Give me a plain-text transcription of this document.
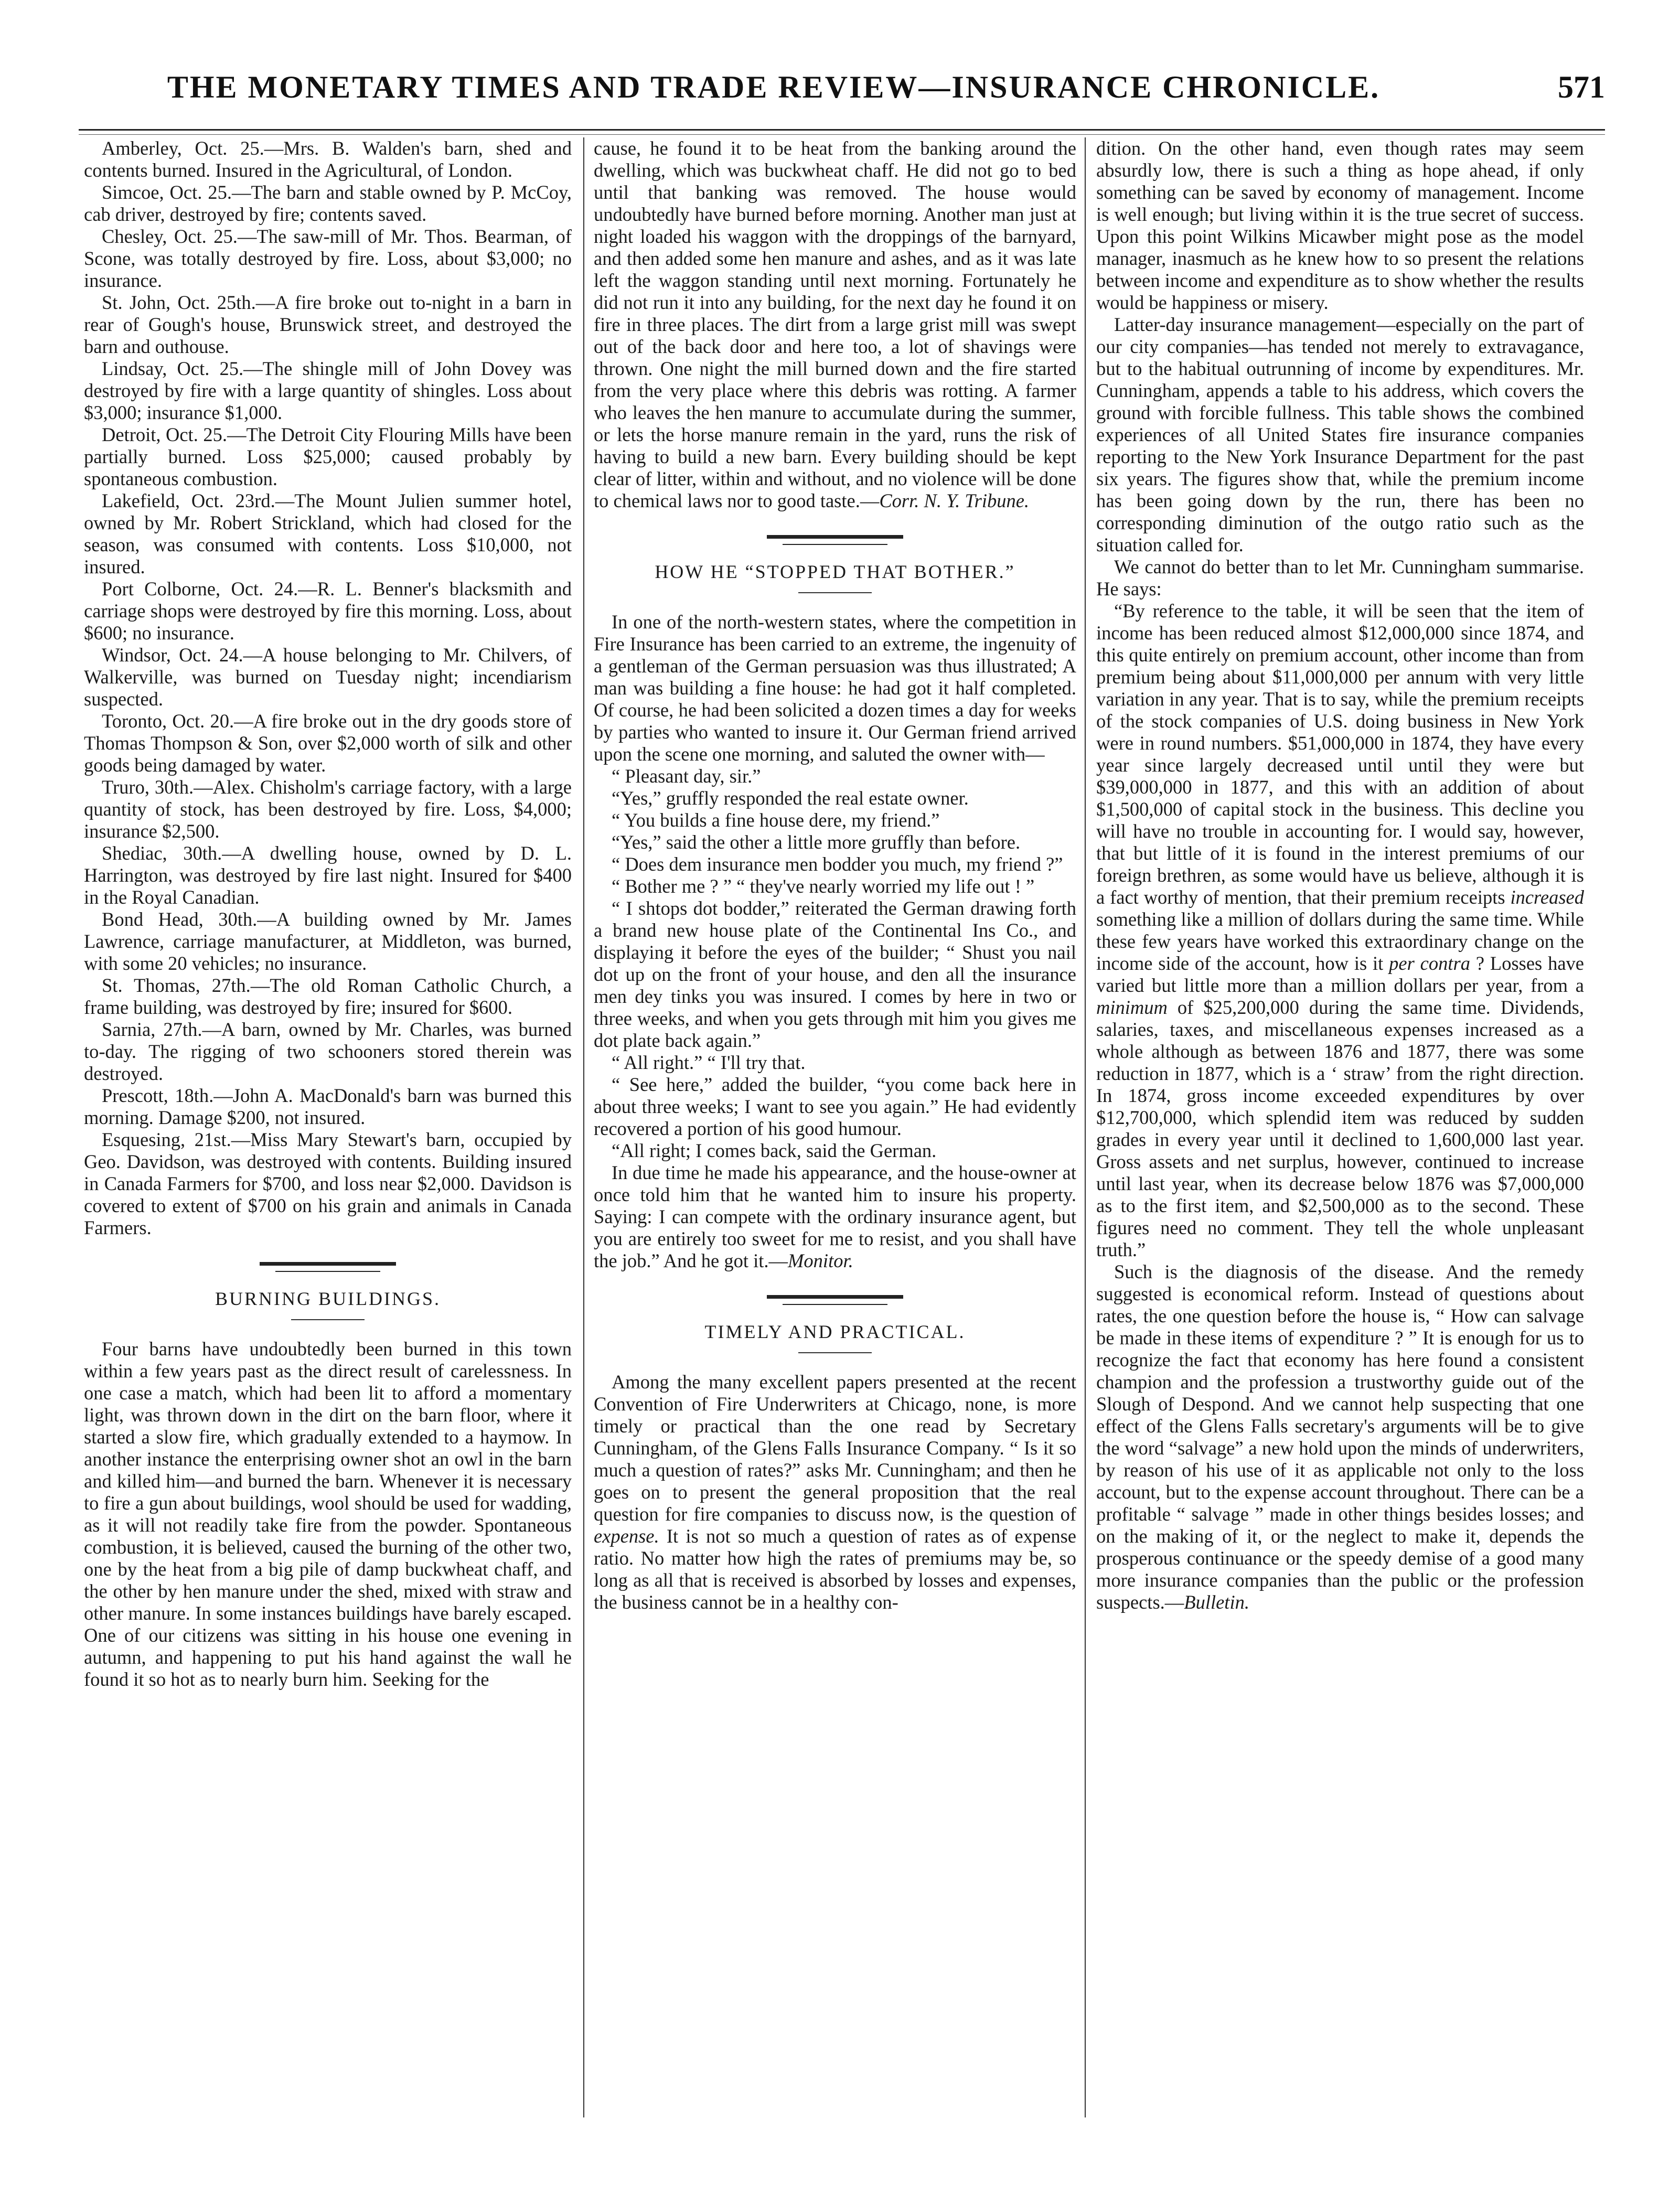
THE MONETARY TIMES AND TRADE REVIEW—INSURANCE CHRONICLE.	571

Amberley, Oct. 25.—Mrs. B. Walden's barn, shed and contents burned. Insured in the Agricultural, of London.

Simcoe, Oct. 25.—The barn and stable owned by P. McCoy, cab driver, destroyed by fire; contents saved.

Chesley, Oct. 25.—The saw-mill of Mr. Thos. Bearman, of Scone, was totally destroyed by fire. Loss, about $3,000; no insurance.

St. John, Oct. 25th.—A fire broke out to-night in a barn in rear of Gough's house, Brunswick street, and destroyed the barn and outhouse.

Lindsay, Oct. 25.—The shingle mill of John Dovey was destroyed by fire with a large quantity of shingles. Loss about $3,000; insurance $1,000.

Detroit, Oct. 25.—The Detroit City Flouring Mills have been partially burned. Loss $25,000; caused probably by spontaneous combustion.

Lakefield, Oct. 23rd.—The Mount Julien summer hotel, owned by Mr. Robert Strickland, which had closed for the season, was consumed with contents. Loss $10,000, not insured.

Port Colborne, Oct. 24.—R. L. Benner's blacksmith and carriage shops were destroyed by fire this morning. Loss, about $600; no insurance.

Windsor, Oct. 24.—A house belonging to Mr. Chilvers, of Walkerville, was burned on Tuesday night; incendiarism suspected.

Toronto, Oct. 20.—A fire broke out in the dry goods store of Thomas Thompson & Son, over $2,000 worth of silk and other goods being damaged by water.

Truro, 30th.—Alex. Chisholm's carriage factory, with a large quantity of stock, has been destroyed by fire. Loss, $4,000; insurance $2,500.

Shediac, 30th.—A dwelling house, owned by D. L. Harrington, was destroyed by fire last night. Insured for $400 in the Royal Canadian.

Bond Head, 30th.—A building owned by Mr. James Lawrence, carriage manufacturer, at Middleton, was burned, with some 20 vehicles; no insurance.

St. Thomas, 27th.—The old Roman Catholic Church, a frame building, was destroyed by fire; insured for $600.

Sarnia, 27th.—A barn, owned by Mr. Charles, was burned to-day. The rigging of two schooners stored therein was destroyed.

Prescott, 18th.—John A. MacDonald's barn was burned this morning. Damage $200, not insured.

Esquesing, 21st.—Miss Mary Stewart's barn, occupied by Geo. Davidson, was destroyed with contents. Building insured in Canada Farmers for $700, and loss near $2,000. Davidson is covered to extent of $700 on his grain and animals in Canada Farmers.

BURNING BUILDINGS.

Four barns have undoubtedly been burned in this town within a few years past as the direct result of carelessness. In one case a match, which had been lit to afford a momentary light, was thrown down in the dirt on the barn floor, where it started a slow fire, which gradually extended to a haymow. In another instance the enterprising owner shot an owl in the barn and killed him—and burned the barn. Whenever it is necessary to fire a gun about buildings, wool should be used for wadding, as it will not readily take fire from the powder. Spontaneous combustion, it is believed, caused the burning of the other two, one by the heat from a big pile of damp buckwheat chaff, and the other by hen manure under the shed, mixed with straw and other manure. In some instances buildings have barely escaped. One of our citizens was sitting in his house one evening in autumn, and happening to put his hand against the wall he found it so hot as to nearly burn him. Seeking for the

cause, he found it to be heat from the banking around the dwelling, which was buckwheat chaff. He did not go to bed until that banking was removed. The house would undoubtedly have burned before morning. Another man just at night loaded his waggon with the droppings of the barnyard, and then added some hen manure and ashes, and as it was late left the waggon standing until next morning. Fortunately he did not run it into any building, for the next day he found it on fire in three places. The dirt from a large grist mill was swept out of the back door and here too, a lot of shavings were thrown. One night the mill burned down and the fire started from the very place where this debris was rotting. A farmer who leaves the hen manure to accumulate during the summer, or lets the horse manure remain in the yard, runs the risk of having to build a new barn. Every building should be kept clear of litter, within and without, and no violence will be done to chemical laws nor to good taste.—Corr. N. Y. Tribune.

HOW HE “STOPPED THAT BOTHER.”

In one of the north-western states, where the competition in Fire Insurance has been carried to an extreme, the ingenuity of a gentleman of the German persuasion was thus illustrated; A man was building a fine house: he had got it half completed. Of course, he had been solicited a dozen times a day for weeks by parties who wanted to insure it. Our German friend arrived upon the scene one morning, and saluted the owner with—

“ Pleasant day, sir.”

“Yes,” gruffly responded the real estate owner.

“ You builds a fine house dere, my friend.”

“Yes,” said the other a little more gruffly than before.

“ Does dem insurance men bodder you much, my friend ?”

“ Bother me ? ” “ they've nearly worried my life out ! ”

“ I shtops dot bodder,” reiterated the German drawing forth a brand new house plate of the Continental Ins Co., and displaying it before the eyes of the builder; “ Shust you nail dot up on the front of your house, and den all the insurance men dey tinks you was insured. I comes by here in two or three weeks, and when you gets through mit him you gives me dot plate back again.”

“ All right.” “ I'll try that.

“ See here,” added the builder, “you come back here in about three weeks; I want to see you again.” He had evidently recovered a portion of his good humour.

“All right; I comes back, said the German.

In due time he made his appearance, and the house-owner at once told him that he wanted him to insure his property. Saying: I can compete with the ordinary insurance agent, but you are entirely too sweet for me to resist, and you shall have the job.” And he got it.—Monitor.

TIMELY AND PRACTICAL.

Among the many excellent papers presented at the recent Convention of Fire Underwriters at Chicago, none, is more timely or practical than the one read by Secretary Cunningham, of the Glens Falls Insurance Company. “ Is it so much a question of rates?” asks Mr. Cunningham; and then he goes on to present the general proposition that the real question for fire companies to discuss now, is the question of expense. It is not so much a question of rates as of expense ratio. No matter how high the rates of premiums may be, so long as all that is received is absorbed by losses and expenses, the business cannot be in a healthy con-

dition. On the other hand, even though rates may seem absurdly low, there is such a thing as hope ahead, if only something can be saved by economy of management. Income is well enough; but living within it is the true secret of success. Upon this point Wilkins Micawber might pose as the model manager, inasmuch as he knew how to so present the relations between income and expenditure as to show whether the results would be happiness or misery.

Latter-day insurance management—especially on the part of our city companies—has tended not merely to extravagance, but to the habitual outrunning of income by expenditures. Mr. Cunningham, appends a table to his address, which covers the ground with forcible fullness. This table shows the combined experiences of all United States fire insurance companies reporting to the New York Insurance Department for the past six years. The figures show that, while the premium income has been going down by the run, there has been no corresponding diminution of the outgo ratio such as the situation called for.

We cannot do better than to let Mr. Cunningham summarise. He says:

“By reference to the table, it will be seen that the item of income has been reduced almost $12,000,000 since 1874, and this quite entirely on premium account, other income than from premium being about $11,000,000 per annum with very little variation in any year. That is to say, while the premium receipts of the stock companies of U.S. doing business in New York were in round numbers. $51,000,000 in 1874, they have every year since largely decreased until until they were but $39,000,000 in 1877, and this with an addition of about $1,500,000 of capital stock in the business. This decline you will have no trouble in accounting for. I would say, however, that but little of it is found in the interest premiums of our foreign brethren, as some would have us believe, although it is a fact worthy of mention, that their premium receipts increased something like a million of dollars during the same time. While these few years have worked this extraordinary change on the income side of the account, how is it per contra ? Losses have varied but little more than a million dollars per year, from a minimum of $25,200,000 during the same time. Dividends, salaries, taxes, and miscellaneous expenses increased as a whole although as between 1876 and 1877, there was some reduction in 1877, which is a ‘ straw’ from the right direction. In 1874, gross income exceeded expenditures by over $12,700,000, which splendid item was reduced by sudden grades in every year until it declined to 1,600,000 last year. Gross assets and net surplus, however, continued to increase until last year, when its decrease below 1876 was $7,000,000 as to the first item, and $2,500,000 as to the second. These figures need no comment. They tell the whole unpleasant truth.”

Such is the diagnosis of the disease. And the remedy suggested is economical reform. Instead of questions about rates, the one question before the house is, “ How can salvage be made in these items of expenditure ? ” It is enough for us to recognize the fact that economy has here found a consistent champion and the profession a trustworthy guide out of the Slough of Despond. And we cannot help suspecting that one effect of the Glens Falls secretary's arguments will be to give the word “salvage” a new hold upon the minds of underwriters, by reason of his use of it as applicable not only to the loss account, but to the expense account throughout. There can be a profitable “ salvage ” made in other things besides losses; and on the making of it, or the neglect to make it, depends the prosperous continuance or the speedy demise of a good many more insurance companies than the public or the profession suspects.—Bulletin.
